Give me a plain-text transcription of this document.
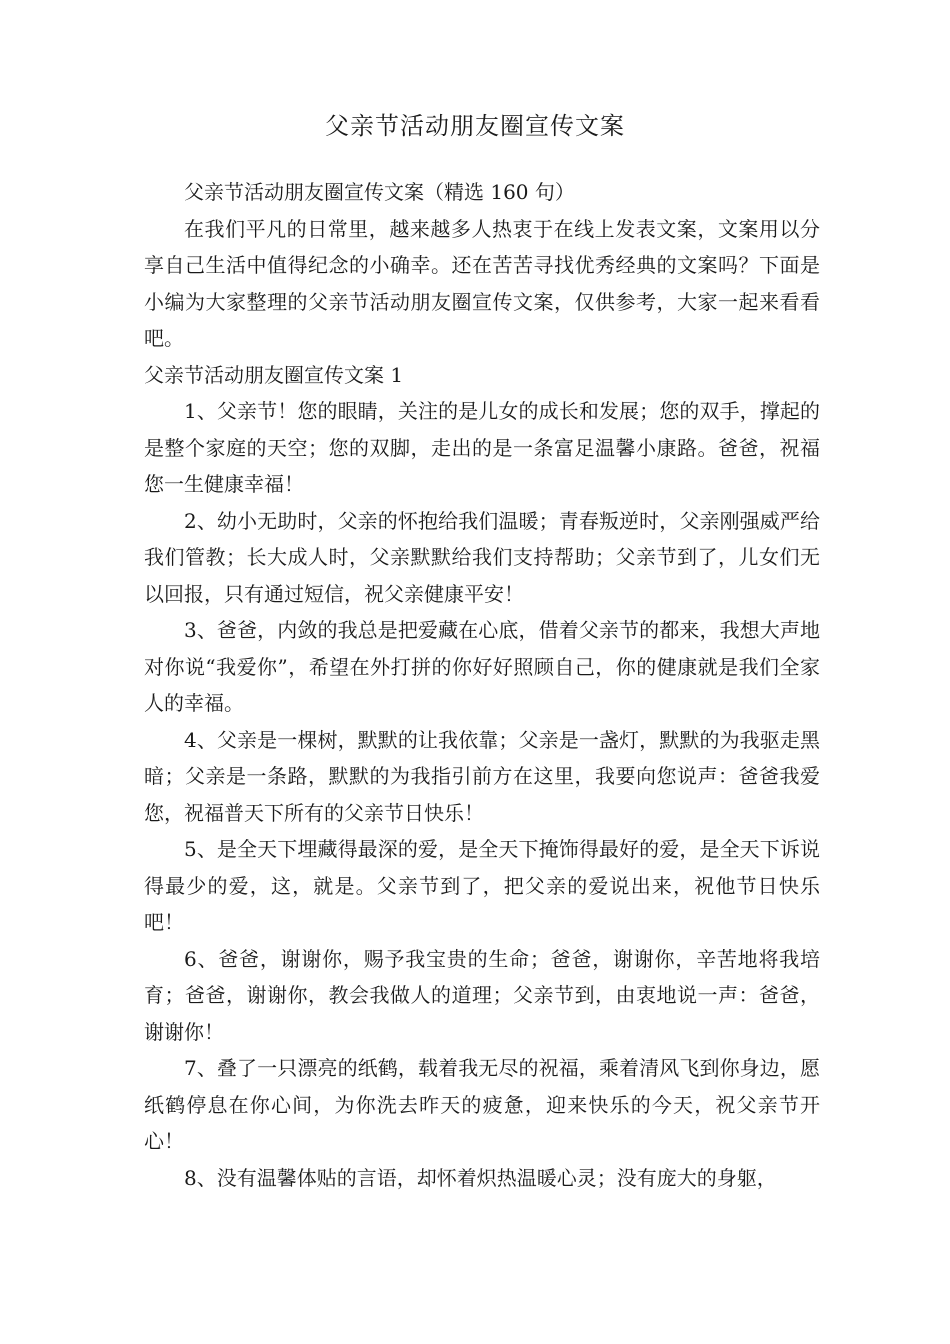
父亲节活动朋友圈宣传文案

父亲节活动朋友圈宣传文案（精选 160 句）

在我们平凡的日常里，越来越多人热衷于在线上发表文案，文案用以分享自己生活中值得纪念的小确幸。还在苦苦寻找优秀经典的文案吗？下面是小编为大家整理的父亲节活动朋友圈宣传文案，仅供参考，大家一起来看看吧。

父亲节活动朋友圈宣传文案 1

1、父亲节！您的眼睛，关注的是儿女的成长和发展；您的双手，撑起的是整个家庭的天空；您的双脚，走出的是一条富足温馨小康路。爸爸，祝福您一生健康幸福！

2、幼小无助时，父亲的怀抱给我们温暖；青春叛逆时，父亲刚强威严给我们管教；长大成人时，父亲默默给我们支持帮助；父亲节到了，儿女们无以回报，只有通过短信，祝父亲健康平安！

3、爸爸，内敛的我总是把爱藏在心底，借着父亲节的都来，我想大声地对你说“我爱你”，希望在外打拼的你好好照顾自己，你的健康就是我们全家人的幸福。

4、父亲是一棵树，默默的让我依靠；父亲是一盏灯，默默的为我驱走黑暗；父亲是一条路，默默的为我指引前方在这里，我要向您说声：爸爸我爱您，祝福普天下所有的父亲节日快乐！

5、是全天下埋藏得最深的爱，是全天下掩饰得最好的爱，是全天下诉说得最少的爱，这，就是。父亲节到了，把父亲的爱说出来，祝他节日快乐吧！

6、爸爸，谢谢你，赐予我宝贵的生命；爸爸，谢谢你，辛苦地将我培育；爸爸，谢谢你，教会我做人的道理；父亲节到，由衷地说一声：爸爸，谢谢你！

7、叠了一只漂亮的纸鹤，载着我无尽的祝福，乘着清风飞到你身边，愿纸鹤停息在你心间，为你洗去昨天的疲惫，迎来快乐的今天，祝父亲节开心！

8、没有温馨体贴的言语，却怀着炽热温暖心灵；没有庞大的身躯，
